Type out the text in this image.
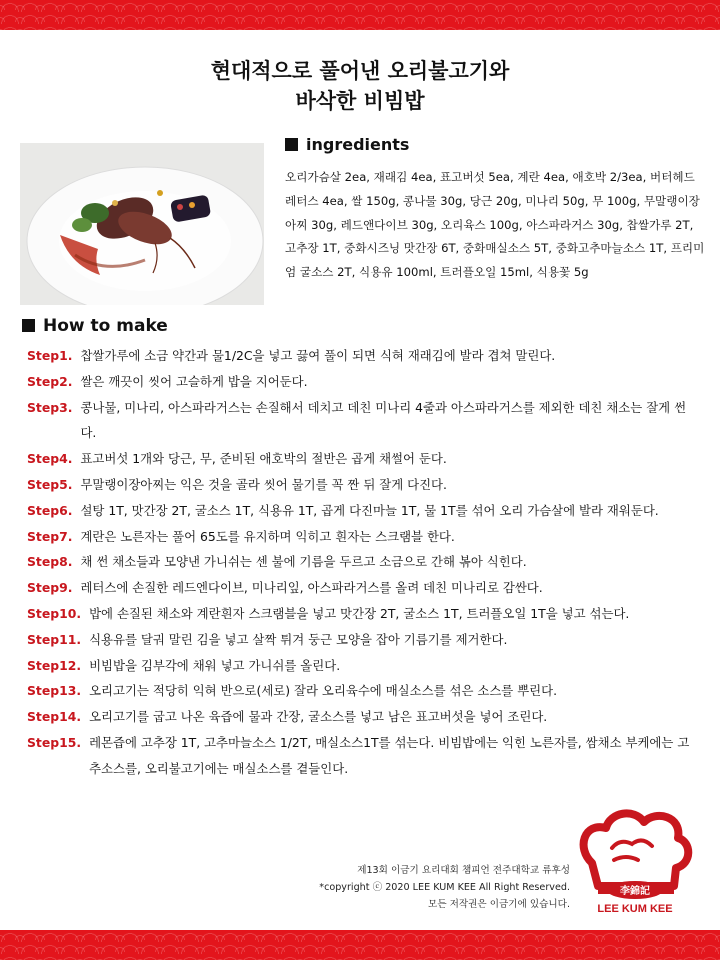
현대적으로 풀어낸 오리불고기와
바삭한 비빔밥
ingredients
오리가슴살 2ea, 재래김 4ea, 표고버섯 5ea, 계란 4ea, 애호박 2/3ea, 버터헤드 레터스 4ea, 쌀 150g, 콩나물 30g, 당근 20g, 미나리 50g, 무 100g, 무말랭이장아찌 30g, 레드앤다이브 30g, 오리육스 100g, 아스파라거스 30g, 찹쌀가루 2T, 고추장 1T, 중화시즈닝 맛간장 6T, 중화매실소스 5T, 중화고추마늘소스 1T, 프리미엄 굴소스 2T, 식용유 100ml, 트러플오일 15ml, 식용꽃 5g
How to make
Step1. 찹쌀가루에 소금 약간과 물1/2C을 넣고 끓여 풀이 되면 식혀 재래김에 발라 겹쳐 말린다.
Step2. 쌀은 깨끗이 씻어 고슬하게 밥을 지어둔다.
Step3. 콩나물, 미나리, 아스파라거스는 손질해서 데치고 데친 미나리 4줄과 아스파라거스를 제외한 데친 채소는 잘게 썬다.
Step4. 표고버섯 1개와 당근, 무, 준비된 애호박의 절반은 곱게 채썰어 둔다.
Step5. 무말랭이장아찌는 익은 것을 골라 씻어 물기를 꼭 짠 뒤 잘게 다진다.
Step6. 설탕 1T, 맛간장 2T, 굴소스 1T, 식용유 1T, 곱게 다진마늘 1T, 물 1T를 섞어 오리 가슴살에 발라 재워둔다.
Step7. 계란은 노른자는 풀어 65도를 유지하며 익히고 흰자는 스크램블 한다.
Step8. 채 썬 채소들과 모양낸 가니쉬는 센 불에 기름을 두르고 소금으로 간해 볶아 식힌다.
Step9. 레터스에 손질한 레드엔다이브, 미나리잎, 아스파라거스를 올려 데친 미나리로 감싼다.
Step10. 밥에 손질된 채소와 계란흰자 스크램블을 넣고 맛간장 2T, 굴소스 1T, 트러플오일 1T을 넣고 섞는다.
Step11. 식용유를 달궈 말린 김을 넣고 살짝 튀겨 둥근 모양을 잡아 기름기를 제거한다.
Step12. 비빔밥을 김부각에 채워 넣고 가니쉬를 올린다.
Step13. 오리고기는 적당히 익혀 반으로(세로) 잘라 오리육수에 매실소스를 섞은 소스를 뿌린다.
Step14. 오리고기를 굽고 나온 육즙에 물과 간장, 굴소스를 넣고 남은 표고버섯을 넣어 조린다.
Step15. 레몬즙에 고추장 1T, 고추마늘소스 1/2T, 매실소스1T를 섞는다. 비빔밥에는 익힌 노른자를, 쌈채소 부케에는 고추소스를, 오리불고기에는 매실소스를 곁들인다.
제13회 이금기 요리대회 챔피언 전주대학교 류후성
*copyright ⓒ 2020 LEE KUM KEE All Right Reserved.
모든 저작권은 이금기에 있습니다.
李錦記
LEE KUM KEE
